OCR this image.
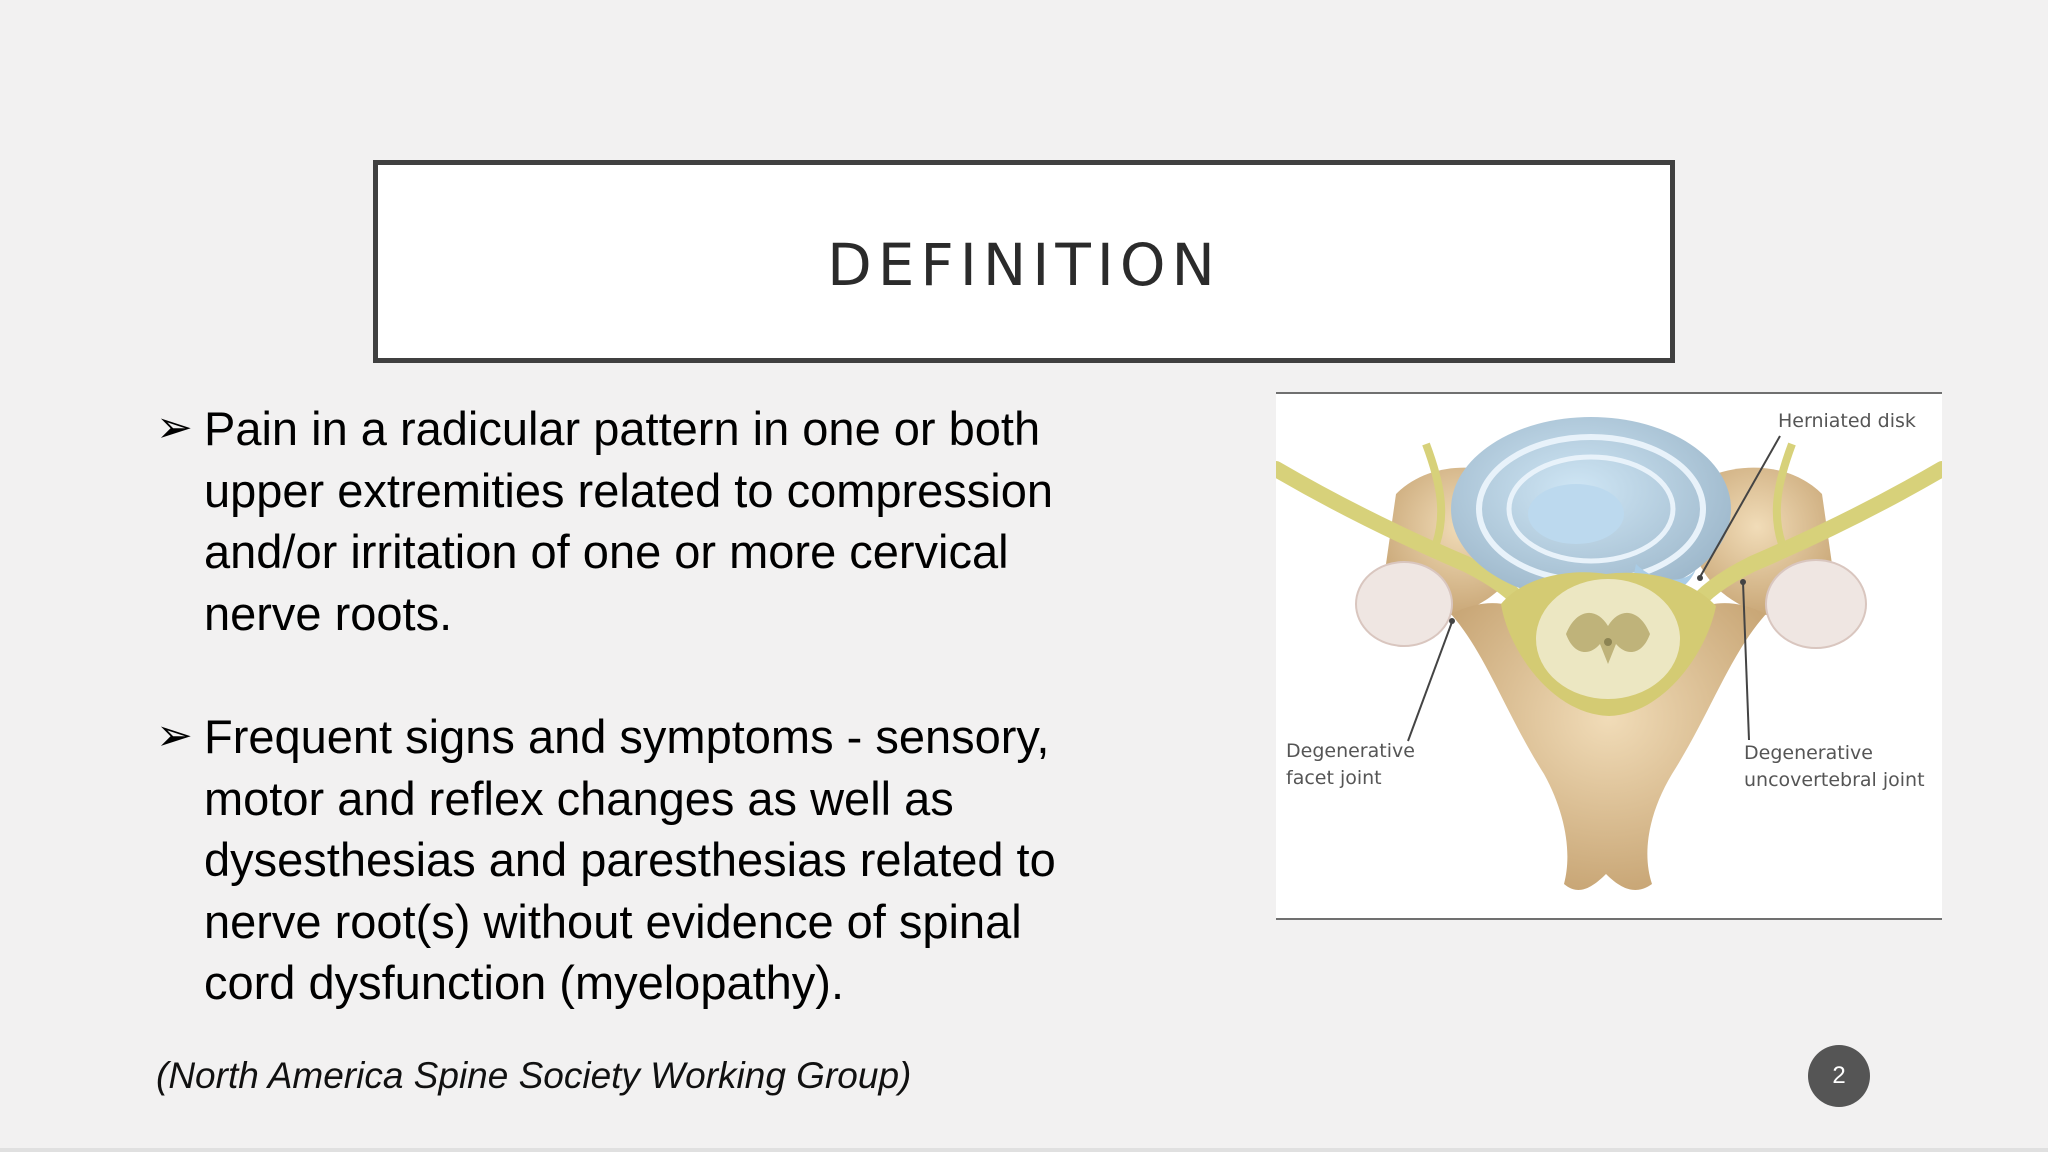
DEFINITION
➢ Pain in a radicular pattern in one or both
upper extremities related to compression
and/or irritation of one or more cervical
nerve roots.
➢ Frequent signs and symptoms - sensory,
motor and reflex changes as well as
dysesthesias and paresthesias related to
nerve root(s) without evidence of spinal
cord dysfunction (myelopathy).
(North America Spine Society Working Group)
Herniated disk
Degenerative
facet joint
Degenerative
uncovertebral joint
2
